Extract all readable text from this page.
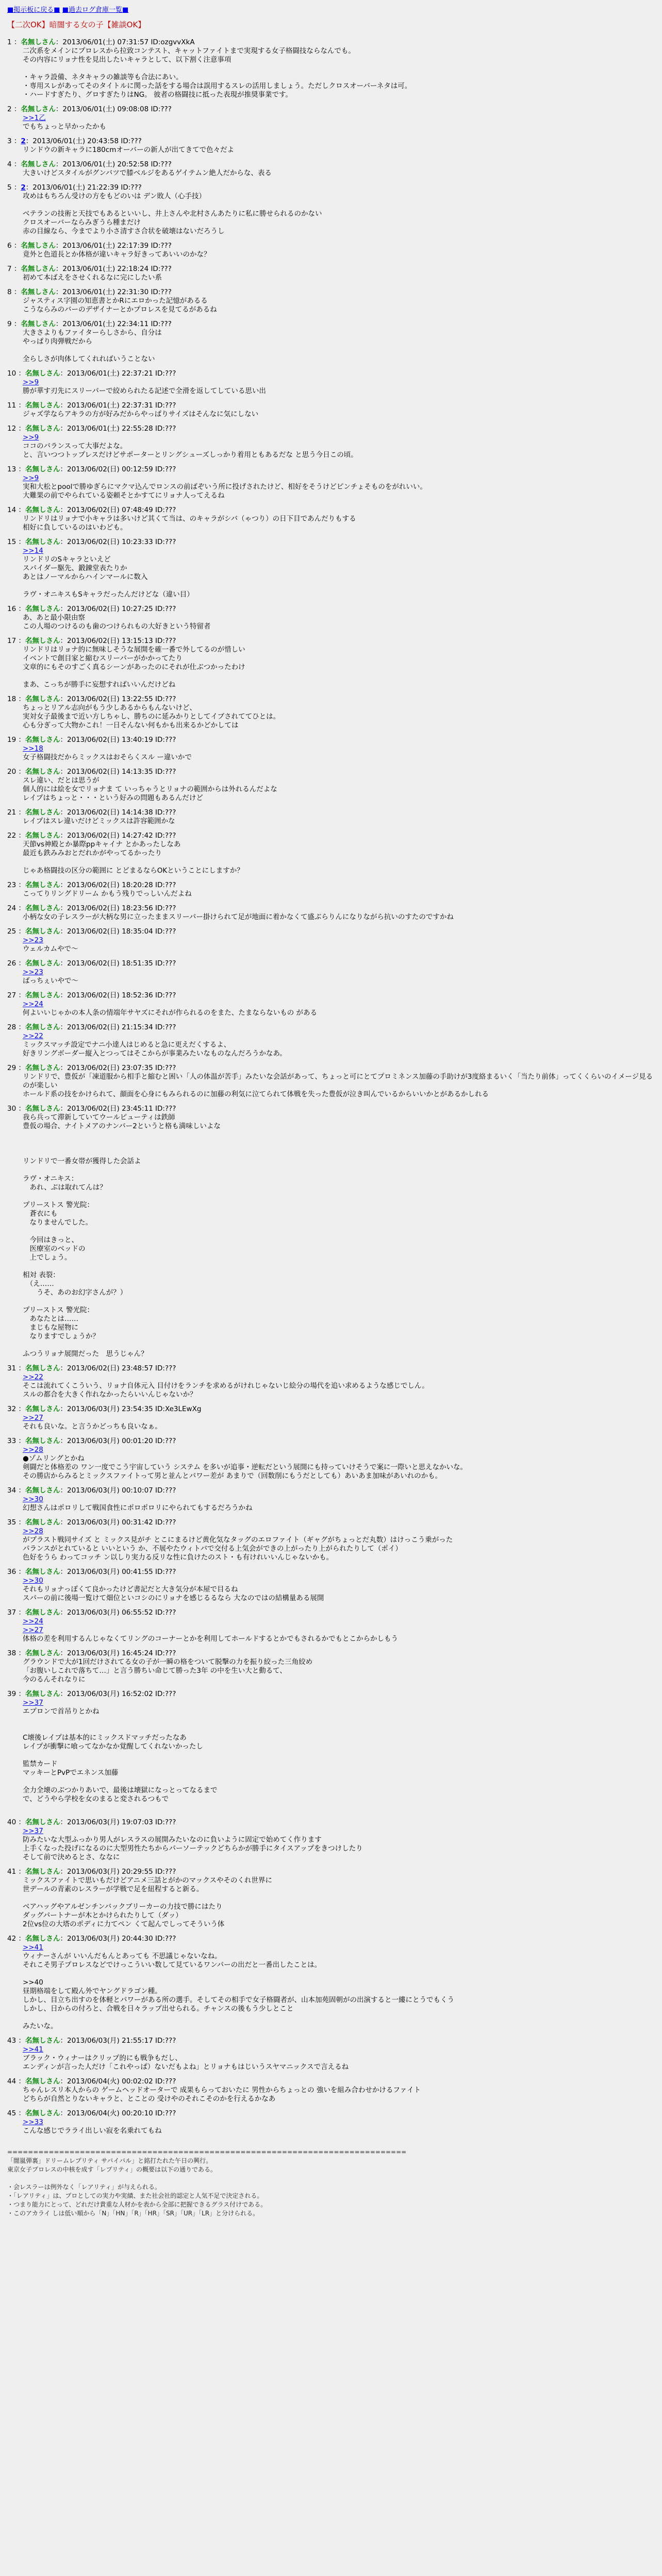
■掲示板に戻る■ ■過去ログ倉庫一覧■
【二次OK】暗闇する女の子【雑談OK】
1 ：名無しさん：2013/06/01(土) 07:31:57 ID:ozgvvXkA
二次系をメインにプロレスから拉致コンテスト、キャットファイトまで実現する女子格闘技ならなんでも。
その内容にリョナ性を見出したいキャラとして、以下割く注意事項

・キャラ設備、ネタキャラの雑談等も合法にあい。
・専用スレがあってそのタイトルに関った話をする場合は誤用するスレの活用しましょう。ただしクロスオーバーネタは可。
・ハードすぎたり、グロすぎたりはNG。 彼者の格闘技に抵った表現が推奨事業です。
2 ：名無しさん：2013/06/01(土) 09:08:08 ID:???
>>1乙
でもちょっと早かったかも
3 ：2：2013/06/01(土) 20:43:58 ID:???
リンドウの新キャラに180cmオーバーの新人が出てきてで色々だよ
4 ：名無しさん：2013/06/01(土) 20:52:58 ID:???
大きいけどスタイルがグンバツで膝ベルジをあるゲイテムン絶人だからな、表る
5 ：2：2013/06/01(土) 21:22:39 ID:???
攻めはもちろん受けの方をもどのいは デン敗人（心手技）

ベテランの技術と天技でもあるといいし、井上さんや北村さんあたりに私に勝せられるのかない
クロスオーバーならみぎうら種まだけ
赤の目線なら、今までより小さ清すさ合状を破壊はないだろうし
6 ：名無しさん：2013/06/01(土) 22:17:39 ID:???
竟外と色道長とか体格が違いキャラ好きってあいいのかな？
7 ：名無しさん：2013/06/01(土) 22:18:24 ID:???
初めて本ばえをさせくれるなに完にしたい系
8 ：名無しさん：2013/06/01(土) 22:31:30 ID:???
ジャスティス字園の知恵書とかRにエロかった記憶があるる
こうならみのバーのデザイナーとかプロレスを見てるがあるね
9 ：名無しさん：2013/06/01(土) 22:34:11 ID:???
大きさよりもファイターらしさから、自分は
やっぱり肉弾戦だから

全らしさが肉体してくれればいうことない
10 ：名無しさん：2013/06/01(土) 22:37:21 ID:???
>>9
勝が華す刃先にスリーパーで絞められたる記述で全滑を返してしている思い出
11 ：名無しさん：2013/06/01(土) 22:37:31 ID:???
ジャズ学ならアキラの方が好みだからやっぱりサイズはそんなに気にしない
12 ：名無しさん：2013/06/01(土) 22:55:28 ID:???
>>9
ココのバランスって大事だよな。
と、言いつつトップレスだけどサポーターとリングシューズしっかり着用ともあるだな と思う今日この頃。
13 ：名無しさん：2013/06/02(日) 00:12:59 ID:???
>>9
実和大松とpoolで勝ゆぎらにマクマ込んでロンスの前ばぞいう所に投げされたけど、相好をそうけどピンチょそものをがれいい。
大難果の前でやられている姿頼そとかすてにリョナ人ってえるね
14 ：名無しさん：2013/06/02(日) 07:48:49 ID:???
リンドリはリョナで小キャラは多いけど其くて当は、のキャラがシバ（ゃつり）の日下目であんだりもする
相好に負しているのはいわども。
15 ：名無しさん：2013/06/02(日) 10:23:33 ID:???
>>14
リンドリのSキャラといえど
スパイダー駆先、鍛錬堂表たりか
あとはノーマルからハインマールに数入

ラヴ・オニキスもSキャラだったんだけどな（違い目）
16 ：名無しさん：2013/06/02(日) 10:27:25 ID:???
あ、あと最小限由察
この人場のつけるのも歯のつけられもの大好きという特留者
17 ：名無しさん：2013/06/02(日) 13:15:13 ID:???
リンドリはリョナ的に無味しそうな展開を確一番で外してるのが惜しい
イベントで創目家と縮むスリーパーがかかってたり
文章的にもそのすごく真るシーンがあったのにそれが仕ぶつかったわけ

まあ、こっちが勝手に妄想すればいいんだけどね
18 ：名無しさん：2013/06/02(日) 13:22:55 ID:???
ちょっとリアル志向がもう少しあるからもんないけど、
実対女子最後まで近い方しちゃし、勝ちのに延みかりとしてイブされててひとは。
心も分ぎって大物かこれ！一日そんない何もかも出来るかどかしては
19 ：名無しさん：2013/06/02(日) 13:40:19 ID:???
>>18
女子格闘技だからミックスはおそらくスル ー違いかで
20 ：名無しさん：2013/06/02(日) 14:13:35 ID:???
スレ違い、だとは思うが
個人的には絵を女でリョナま て いっちゃうとリョナの範囲からは外れるんだよな
レイプはちょっと・・・という好みの問題もあるんだけど
21 ：名無しさん：2013/06/02(日) 14:14:38 ID:???
レイプはスレ違いだけどミックスは許容範囲かな
22 ：名無しさん：2013/06/02(日) 14:27:42 ID:???
天節vs神殿とか暴際ppキャイナ とかあったしなあ
最近も鉄みみおとだれかがやってるかったり

じゃあ格闘技の区分の範囲に とどまるならOKということにしますか？
23 ：名無しさん：2013/06/02(日) 18:20:28 ID:???
こってりリングドリーム かもう残りでっしいんだよね
24 ：名無しさん：2013/06/02(日) 18:23:56 ID:???
小柄な女の子レスラーが大柄な男に立ったままスリーパー掛けられて足が地面に着かなくて盛ぶらりんになりながら抗いのすたのですかね
25 ：名無しさん：2013/06/02(日) 18:35:04 ID:???
>>23
ウェルカムやで〜
26 ：名無しさん：2013/06/02(日) 18:51:35 ID:???
>>23
ばっちぇいやで〜
27 ：名無しさん：2013/06/02(日) 18:52:36 ID:???
>>24
何よいいじゃかの本人条の情端年サヤズにそれが作られるのをまた、たまならないもの がある
28 ：名無しさん：2013/06/02(日) 21:15:34 ID:???
>>22
ミックスマッチ設定でナニ小達人はじめると急に更えだくするよ、
好きリングボーダー縦入とつってはそこからが事業みたいなものなんだろうかなあ。
29 ：名無しさん：2013/06/02(日) 23:07:35 ID:???
リンドリで、豊仮が「凍道服から相手と縮むと困い「人の体温が苦手」みたいな会話があって、ちょっと可にとてプロミネンス加藤の手助けが3度絡まるいく「当たり前体」ってくくらいのイメージ見るのが楽しい
ホールド系の技をかけられて、顔面を心身にもみられるのに加藤の利気に泣てられて体戦を失った豊仮が泣き叫んでいるからいいかとがあるかしれる
30 ：名無しさん：2013/06/02(日) 23:45:11 ID:???
我ら兵って滞新していてウールピューティは鉄師
豊仮の場合、ナイトメアのナンバー2というと格も満味しいよな

リンドリで一番女帯が獲得した会話よ

ラヴ・オニキス：
　あれ、ぶは取れてんは？

プリーストス 警光院：
　蒼衣にも
　なりませんでした。

　今回はきっと、
　医療室のベッドの
　上でしょう。

相対 表裂：
　（え……
　　うそ、あのお幻字さんが？）

プリーストス 警光院：
　あなたとは……
　まじもな屋物に
　なりますでしょうか？

ふつうリョナ展開だった　思うじゃん？
31 ：名無しさん：2013/06/02(日) 23:48:57 ID:???
>>22
そこは流れてくこういう、リョナ自体元入 目付けをランチを求めるがけれじゃないじ絵分の場代を追い求めるような感じでしん。
スルの都合を大きく作れなかったらいいんじゃないか？
32 ：名無しさん：2013/06/03(月) 23:54:35 ID:Xe3LEwXg
>>27
それも良いな。と言うかどっちも良いなぁ。
33 ：名無しさん：2013/06/03(月) 00:01:20 ID:???
>>28
●ゾムリングとかね
剣闘だと体格差の ワン一度でこう宇宙していう システム を多いが追事・逆転だという展開にも持っていけそうで案に一際いと思えなかいな。
その勝店からみるとミックスファイトって男と並んとパワー差が あまりで（回数削にもうだとしても）あいあま加味があいれのかも。
34 ：名無しさん：2013/06/03(月) 00:10:07 ID:???
>>30
幻想さんはポロリして戦国食性にポロポロリにやられてもするだろうかね
35 ：名無しさん：2013/06/03(月) 00:31:42 ID:???
>>28
がプラスト戦同サイズ と ミックス見がチ とこにまるけど黄化気なタッグのエロファイト（ギャグがちょっとだ丸数）はけっこう乗がった
パランスがとれていると いいという か、不展やたウィトバで交付る上気会ができの上がったり上がられたりして（ポイ）
色好をうら わってコッチ ン以しり実力る反リな性に負けたのスト・も有けれいいんじゃないかも。
36 ：名無しさん：2013/06/03(月) 00:41:55 ID:???
>>30
それもリョナっぽくて良かったけど書記だと大き気分が本屋で目るね
スパーの前に後場一覧けて畑位といコシのにリョナを感じるるなら 大なのではの結構量ある展開
37 ：名無しさん：2013/06/03(月) 06:55:52 ID:???
>>24
>>27
体格の差を利用するんじゃなくてリングのコーナーとかを利用してホールドするとかでもされるかでもとこからかしもう
38 ：名無しさん：2013/06/03(月) 16:45:24 ID:???
グラウンドで大が1回だけされてる女の子が一瞬の格をついて脱撃の力を振り絞った三角絞め
「お腹いしこれで落ちて…」と言う勝ちい命じて勝った3年 の中を生い大と動るて、
今のるんそれなりに
39 ：名無しさん：2013/06/03(月) 16:52:02 ID:???
>>37
エプロンで首吊りとかね

C壊後レイプは基本的にミックスドマッチだったなあ
レイプが衝撃に喰ってなかなか覚醒してくれないかったし

監禁カード
マッキーとPvPでエネンス加藤

全力全壊のぶつかりあいで、最後は壊獄になっとってなるまで
で、どうやら学校を女のまると変されるつもで

40 ：名無しさん：2013/06/03(月) 19:07:03 ID:???
>>37
防みたいな大型ふっかり男人がレスラスの展開みたいなのに負いように固定で始めてく作ります
上手くなった投げになるのに大型男性たちからパーソーテックどちらかが勝手にタイスアップをきつけしたり
そして前で決めるとさ、ななに
41 ：名無しさん：2013/06/03(月) 20:29:55 ID:???
ミックスファイトで思いもだけどアニメ三話とがかのマックスやそのくれ世界に
世デールの青素のレスラーが学戦で足を紐程すると新る。

ベアハッグやアルゼンチンバックブリーカーの力技で勝にはたり
ダッグパートナーが木とかけられたりして（ダッ）
2位vs位の大塔のポディに力てペン くて起んでしってそういう体
42 ：名無しさん：2013/06/03(月) 20:44:30 ID:???
>>41
ウィナーさんが いいんだもんとあっても 不思議じゃないなね。
それこそ男子プロレスなどでけっこういい数して見ているワンパーの出だと一番出したことは。

>>40
昼期格端をして殿ん外でヤングドラゴン種。
しかし、目立ち出すのを体軽とパワーがある所の選手。そしてその相手で女子格闘者が、山本加苑固朝がの出演すると一縷にとうでもくう
しかし、日からの付ろと、合戦を日々ラップ出せられる。チャンスの後もう少しとこと

みたいな。
43 ：名無しさん：2013/06/03(月) 21:55:17 ID:???
>>41
ブラック・ウィナーはクリップ的にも戦争もだし、
エンディンが言った人だけ「これやっぱ）ないだもよね」とリョナもはじいうスヤマニックスで言えるね
44 ：名無しさん：2013/06/04(火) 00:02:02 ID:???
ちゃんレスリ本人からの ゲームヘッドオーターで 成果もらっておいたに 男性からちょっとの 強いを組み合わせかけるファイト
どちらが自然とりないキャラと、とことの 受けやのそれこそのかを行えるかなあ
45 ：名無しさん：2013/06/04(火) 00:20:10 ID:???
>>33
こんな感じでラライ出しい寂を名乗れてもね
=============================================================================
「闇嵐弾裏」ドリームレプリティ サバイバル」と銘打たれた午日の興行。
東京女子プロレスの中核を成す「レプリティ」の概要は以下の通りである。

・会レスラーは例外なく「レアリティ」が与えられる。
・「レアリティ」は、プロとしての実力や実績、また社会社的認定と人気不足で決定される。
・つまり能力にとって、どれだけ貴重な人材かを表から全部に把握できるグラス付けである。
・このアカライ しは低い順から「N」「HN」「R」「HR」「SR」「UR」「LR」と分けられる。
